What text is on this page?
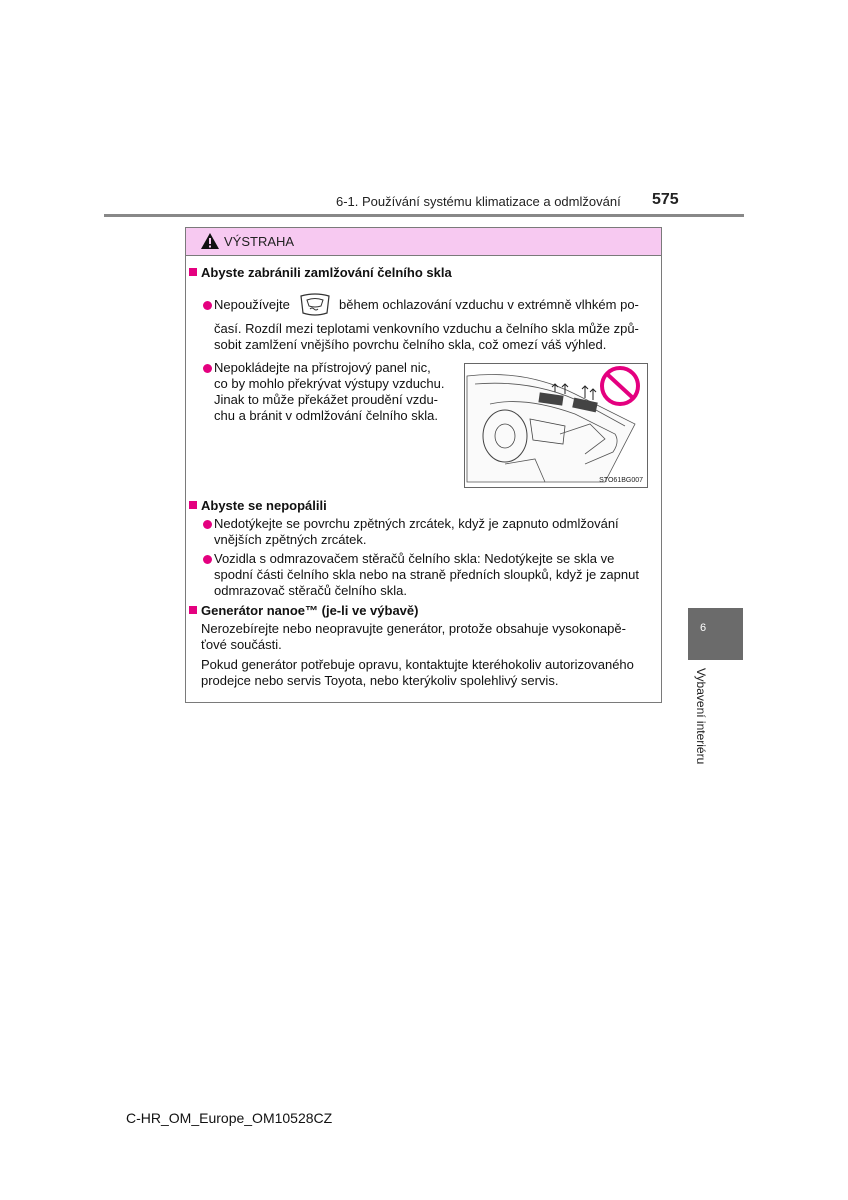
6-1. Používání systému klimatizace a odmlžování 575
VÝSTRAHA
Abyste zabránili zamlžování čelního skla
Nepoužívejte	během ochlazování vzduchu v extrémně vlhkém po-
časí. Rozdíl mezi teplotami venkovního vzduchu a čelního skla může způ-
sobit zamlžení vnějšího povrchu čelního skla, což omezí váš výhled.
Nepokládejte na přístrojový panel nic,
co by mohlo překrývat výstupy vzduchu.
Jinak to může překážet proudění vzdu-
chu a bránit v odmlžování čelního skla.
STO61BG007
Abyste se nepopálili
Nedotýkejte se povrchu zpětných zrcátek, když je zapnuto odmlžování
vnějších zpětných zrcátek.
Vozidla s odmrazovačem stěračů čelního skla: Nedotýkejte se skla ve
spodní části čelního skla nebo na straně předních sloupků, když je zapnut
odmrazovač stěračů čelního skla.
Generátor nanoe™ (je-li ve výbavě)
Nerozebírejte nebo neopravujte generátor, protože obsahuje vysokonapě-
ťové součásti.
Pokud generátor potřebuje opravu, kontaktujte kteréhokoliv autorizovaného
prodejce nebo servis Toyota, nebo kterýkoliv spolehlivý servis.
6
Vybavení interiéru
C-HR_OM_Europe_OM10528CZ
